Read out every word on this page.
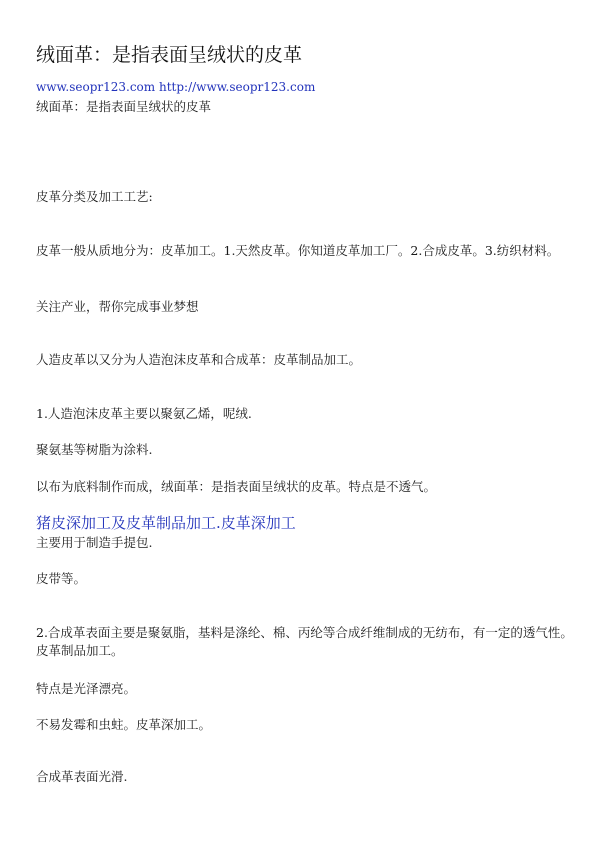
绒面革：是指表面呈绒状的皮革
www.seopr123.com http://www.seopr123.com
绒面革：是指表面呈绒状的皮革
皮革分类及加工工艺:
皮革一般从质地分为：皮革加工。1.天然皮革。你知道皮革加工厂。2.合成皮革。3.纺织材料。
关注产业，帮你完成事业梦想
人造皮革以又分为人造泡沫皮革和合成革：皮革制品加工。
1.人造泡沫皮革主要以聚氨乙烯，呢绒.
聚氨基等树脂为涂料.
以布为底料制作而成，绒面革：是指表面呈绒状的皮革。特点是不透气。
猪皮深加工及皮革制品加工.皮革深加工
主要用于制造手提包.
皮带等。
2.合成革表面主要是聚氨脂，基料是涤纶、棉、丙纶等合成纤维制成的无纺布，有一定的透气性。
皮革制品加工。
特点是光泽漂亮。
不易发霉和虫蛀。皮革深加工。
合成革表面光滑.
